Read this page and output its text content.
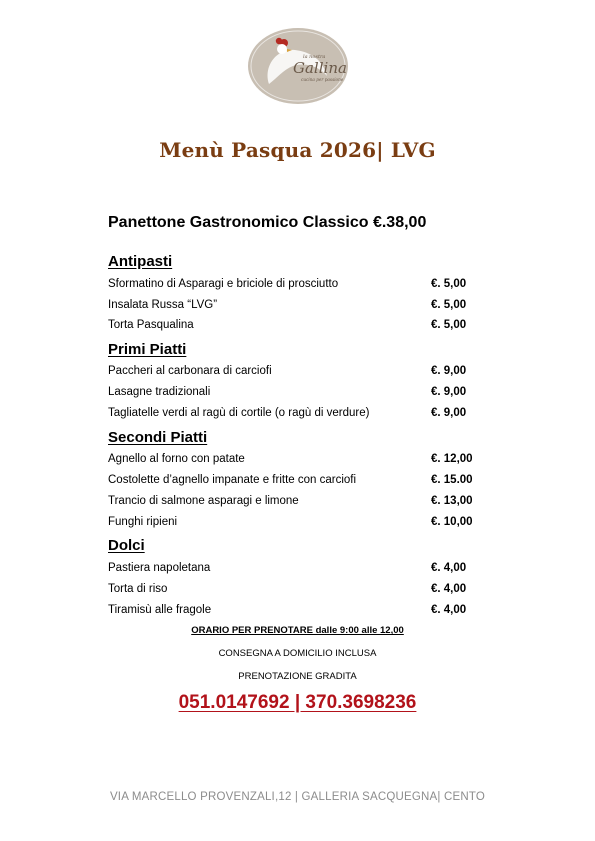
la nostra
Gallina
cucina per passione
Menù Pasqua 2026| LVG
Panettone Gastronomico Classico €.38,00
Antipasti
Sformatino di Asparagi e briciole di prosciutto	€. 5,00
Insalata Russa “LVG”	€. 5,00
Torta Pasqualina	€. 5,00
Primi Piatti
Paccheri al carbonara di carciofi	€. 9,00
Lasagne tradizionali	€. 9,00
Tagliatelle verdi al ragù di cortile (o ragù di verdure)	€. 9,00
Secondi Piatti
Agnello al forno con patate	€. 12,00
Costolette d’agnello impanate e fritte con carciofi	€. 15.00
Trancio di salmone asparagi e limone	€. 13,00
Funghi ripieni	€. 10,00
Dolci
Pastiera napoletana	€. 4,00
Torta di riso	€. 4,00
Tiramisù alle fragole	€. 4,00
ORARIO PER PRENOTARE dalle 9:00 alle 12,00
CONSEGNA A DOMICILIO INCLUSA
PRENOTAZIONE GRADITA
051.0147692 | 370.3698236
VIA MARCELLO PROVENZALI,12 | GALLERIA SACQUEGNA| CENTO
